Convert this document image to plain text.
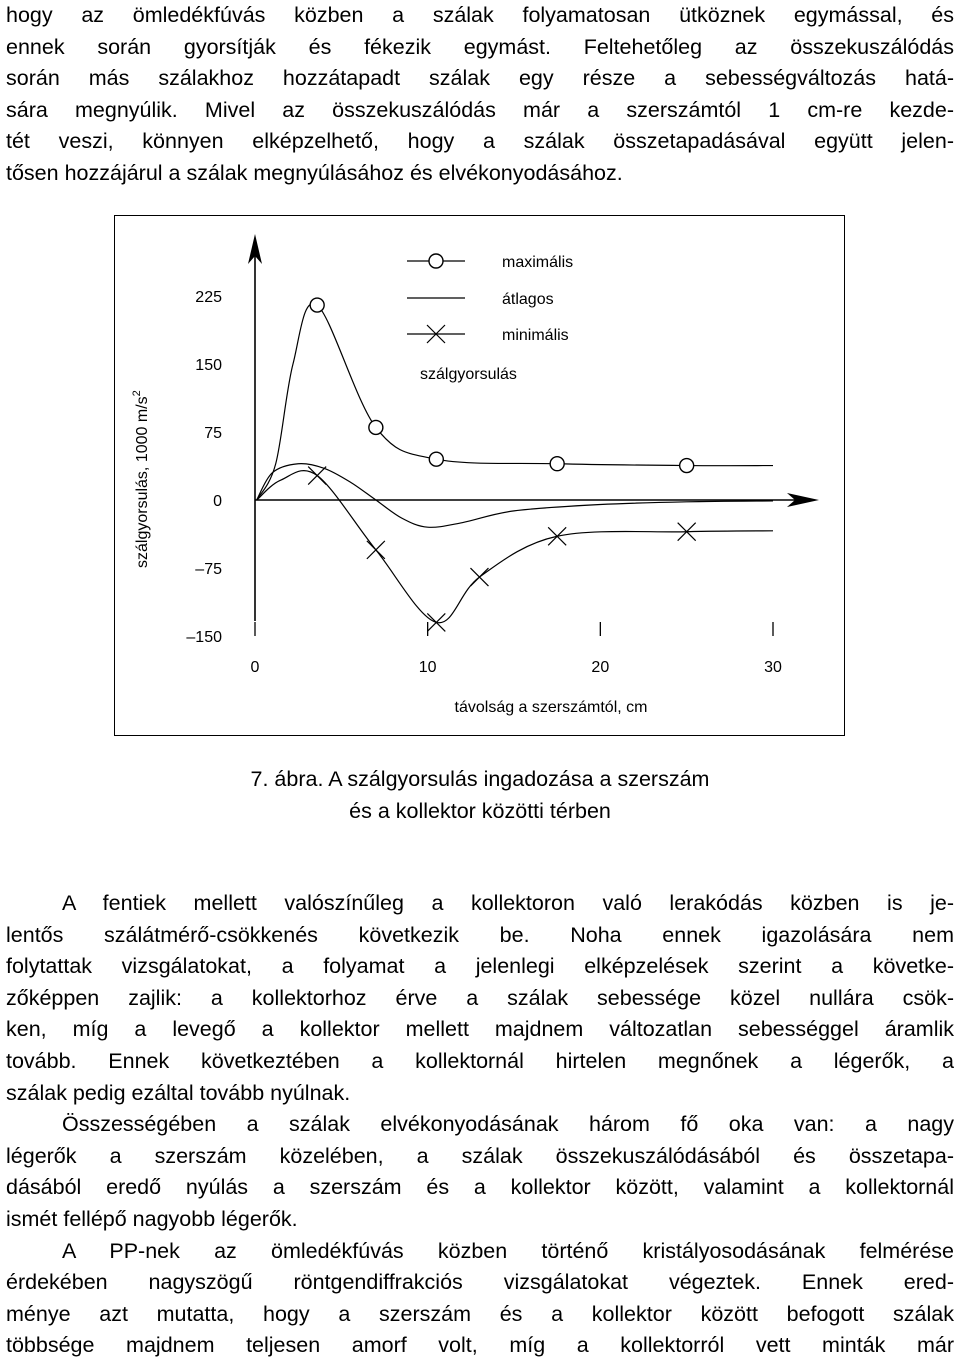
hogy az ömledékfúvás közben a szálak folyamatosan ütköznek egymással, és
ennek során gyorsítják és fékezik egymást. Feltehetőleg az összekuszálódás
során más szálakhoz hozzátapadt szálak egy része a sebességváltozás hatá-
sára megnyúlik. Mivel az összekuszálódás már a szerszámtól 1 cm-re kezde-
tét veszi, könnyen elképzelhető, hogy a szálak összetapadásával együtt jelen-
tősen hozzájárul a szálak megnyúlásához és elvékonyodásához.
225
150
75
0
–75
–150
0	10	20	30
távolság a szerszámtól, cm
szálgyorsulás, 1000 $m/s^2$
maximális
átlagos
minimális
szálgyorsulás
7. ábra. A szálgyorsulás ingadozása a szerszám
és a kollektor közötti térben
A fentiek mellett valószínűleg a kollektoron való lerakódás közben is je-
lentős szálátmérő-csökkenés következik be. Noha ennek igazolására nem
folytattak vizsgálatokat, a folyamat a jelenlegi elképzelések szerint a követke-
zőképpen zajlik: a kollektorhoz érve a szálak sebessége közel nullára csök-
ken, míg a levegő a kollektor mellett majdnem változatlan sebességgel áramlik
tovább. Ennek következtében a kollektornál hirtelen megnőnek a légerők, a
szálak pedig ezáltal tovább nyúlnak.
Összességében a szálak elvékonyodásának három fő oka van: a nagy
légerők a szerszám közelében, a szálak összekuszálódásából és összetapa-
dásából eredő nyúlás a szerszám és a kollektor között, valamint a kollektornál
ismét fellépő nagyobb légerők.
A PP-nek az ömledékfúvás közben történő kristályosodásának felmérése
érdekében nagyszögű röntgendiffrakciós vizsgálatokat végeztek. Ennek ered-
ménye azt mutatta, hogy a szerszám és a kollektor között befogott szálak
többsége majdnem teljesen amorf volt, míg a kollektorról vett minták már
